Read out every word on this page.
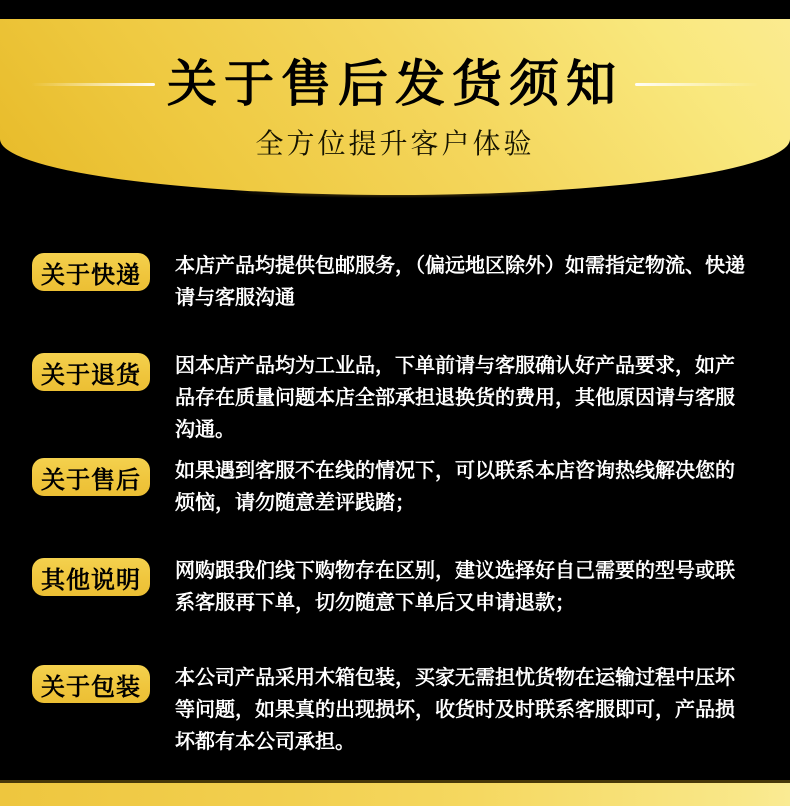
关于售后发货须知
全方位提升客户体验
关于快递	本店产品均提供包邮服务，（偏远地区除外）如需指定物流、快递请与客服沟通

关于退货	因本店产品均为工业品，下单前请与客服确认好产品要求，如产品存在质量问题本店全部承担退换货的费用，其他原因请与客服沟通。

关于售后	如果遇到客服不在线的情况下，可以联系本店咨询热线解决您的烦恼，请勿随意差评践踏；

其他说明	网购跟我们线下购物存在区别，建议选择好自己需要的型号或联系客服再下单，切勿随意下单后又申请退款；

关于包装	本公司产品采用木箱包装，买家无需担忧货物在运输过程中压坏等问题，如果真的出现损坏，收货时及时联系客服即可，产品损坏都有本公司承担。
